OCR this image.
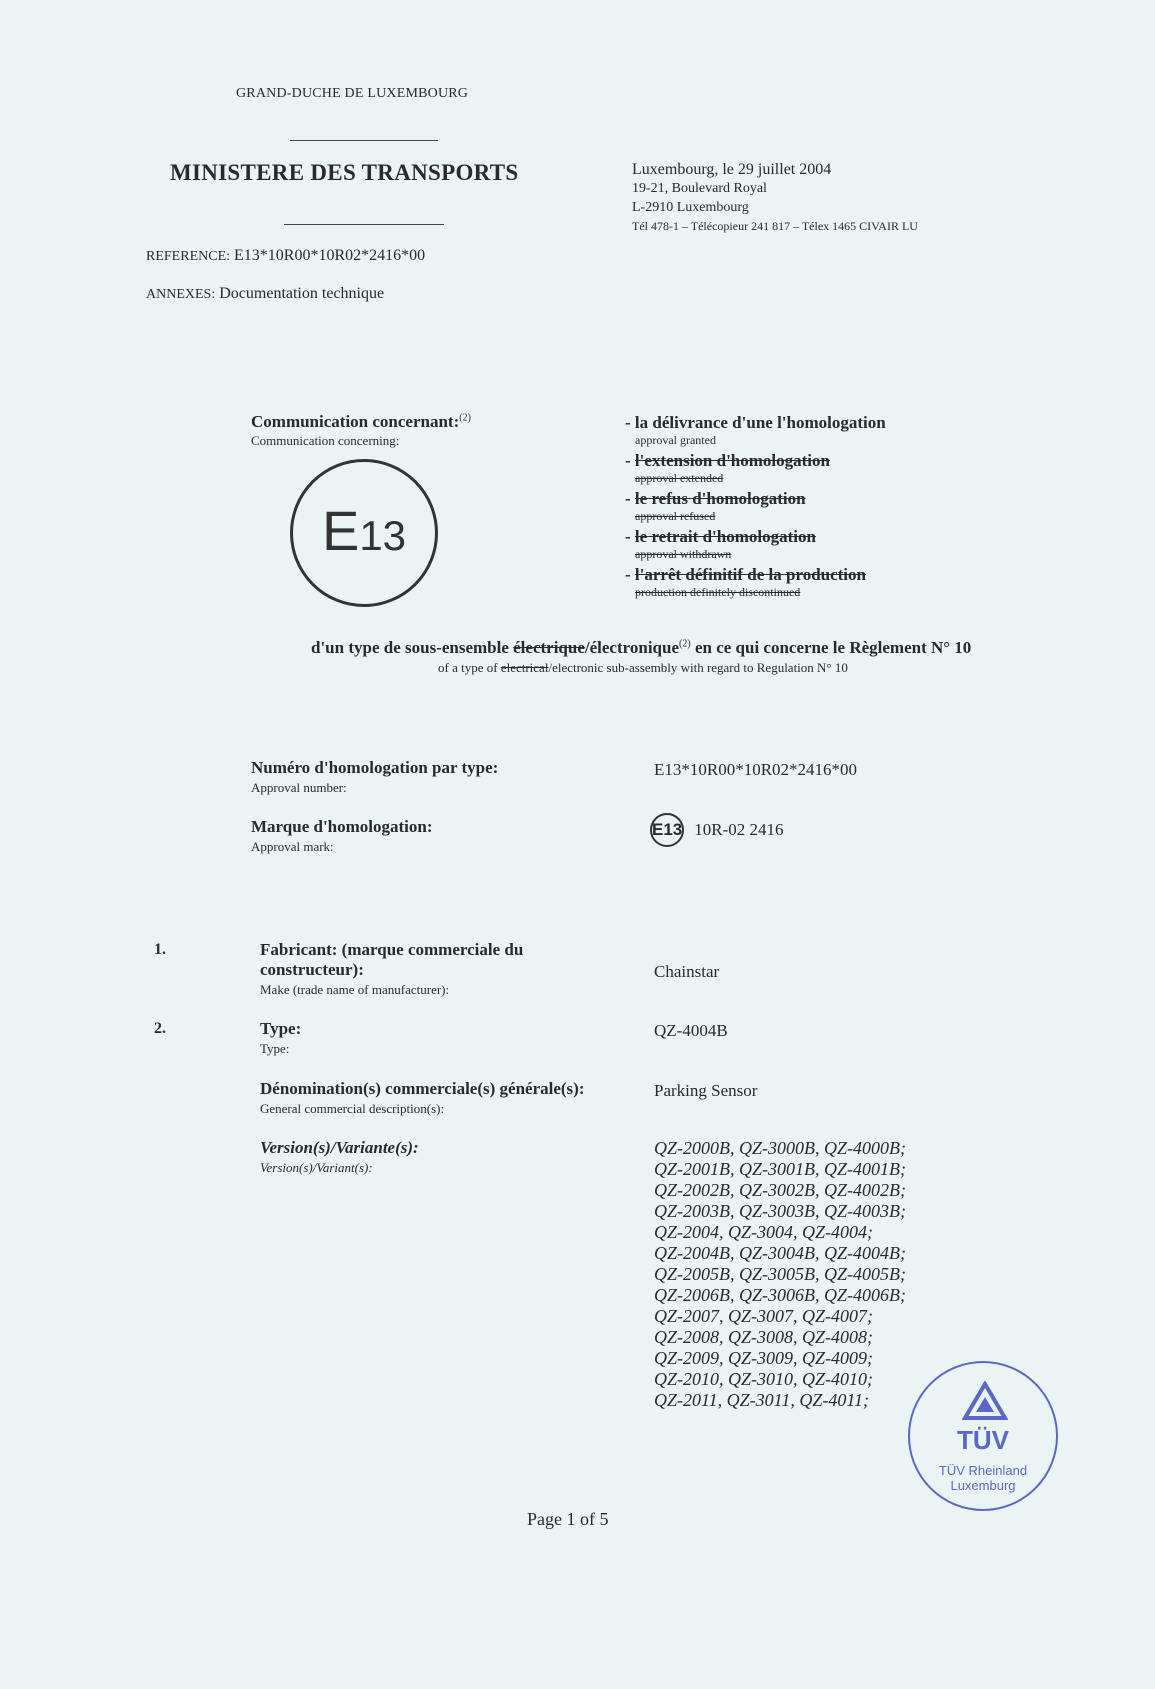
GRAND-DUCHE DE LUXEMBOURG
MINISTERE DES TRANSPORTS	Luxembourg, le 29 juillet 2004
19-21, Boulevard Royal
L-2910 Luxembourg
Tél 478-1 – Télécopieur 241 817 – Télex 1465 CIVAIR LU
REFERENCE: E13*10R00*10R02*2416*00
ANNEXES: Documentation technique
Communication concernant:$^{(2)}$
Communication concerning:
E13
- la délivrance d'une l'homologation
approval granted
- l'extension d'homologation
approval extended
- le refus d'homologation
approval refused
- le retrait d'homologation
approval withdrawn
- l'arrêt définitif de la production
production definitely discontinued
d'un type de sous-ensemble électrique/électronique$^{(2)}$ en ce qui concerne le Règlement N° 10
of a type of electrical/electronic sub-assembly with regard to Regulation N° 10
Numéro d'homologation par type:
Approval number:
E13*10R00*10R02*2416*00
Marque d'homologation:
Approval mark:
E13 10R-02 2416
1.	Fabricant: (marque commerciale du
constructeur):
Make (trade name of manufacturer):
Chainstar
2.	Type:
Type:
QZ-4004B
Dénomination(s) commerciale(s) générale(s):
General commercial description(s):
Parking Sensor
Version(s)/Variante(s):
Version(s)/Variant(s):
QZ-2000B, QZ-3000B, QZ-4000B;
QZ-2001B, QZ-3001B, QZ-4001B;
QZ-2002B, QZ-3002B, QZ-4002B;
QZ-2003B, QZ-3003B, QZ-4003B;
QZ-2004, QZ-3004, QZ-4004;
QZ-2004B, QZ-3004B, QZ-4004B;
QZ-2005B, QZ-3005B, QZ-4005B;
QZ-2006B, QZ-3006B, QZ-4006B;
QZ-2007, QZ-3007, QZ-4007;
QZ-2008, QZ-3008, QZ-4008;
QZ-2009, QZ-3009, QZ-4009;
QZ-2010, QZ-3010, QZ-4010;
QZ-2011, QZ-3011, QZ-4011;
TÜV
TÜV Rheinland
Luxemburg
Page 1 of 5
